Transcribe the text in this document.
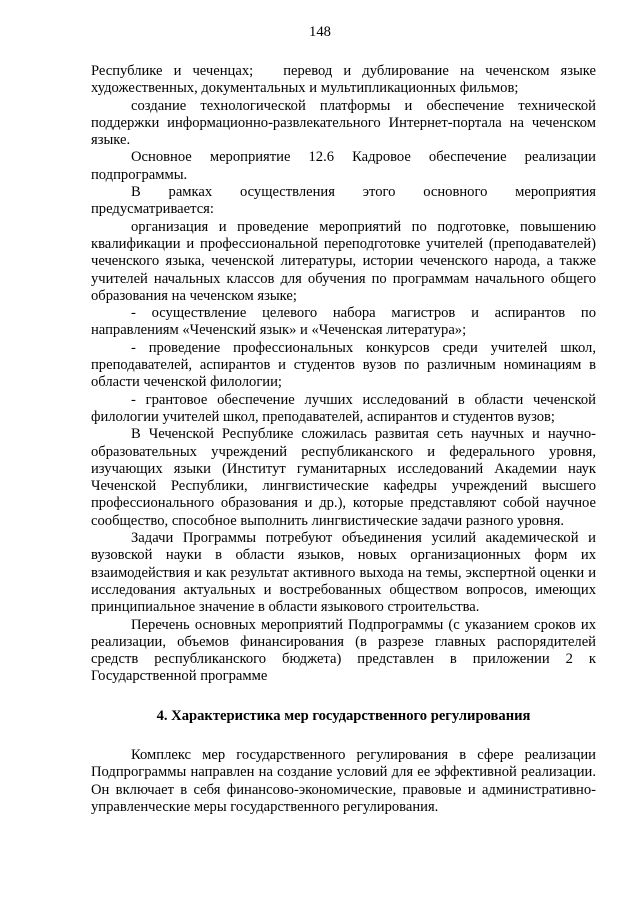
148

Республике и чеченцах; перевод и дублирование на чеченском языке художественных, документальных и мультипликационных фильмов;

создание технологической платформы и обеспечение технической поддержки информационно-развлекательного Интернет-портала на чеченском языке.

Основное мероприятие 12.6 Кадровое обеспечение реализации подпрограммы.

В рамках осуществления этого основного мероприятия предусматривается:

организация и проведение мероприятий по подготовке, повышению квалификации и профессиональной переподготовке учителей (преподавателей) чеченского языка, чеченской литературы, истории чеченского народа, а также учителей начальных классов для обучения по программам начального общего образования на чеченском языке;

- осуществление целевого набора магистров и аспирантов по направлениям «Чеченский язык» и «Чеченская литература»;

- проведение профессиональных конкурсов среди учителей школ, преподавателей, аспирантов и студентов вузов по различным номинациям в области чеченской филологии;

- грантовое обеспечение лучших исследований в области чеченской филологии учителей школ, преподавателей, аспирантов и студентов вузов;

В Чеченской Республике сложилась развитая сеть научных и научно-образовательных учреждений республиканского и федерального уровня, изучающих языки (Институт гуманитарных исследований Академии наук Чеченской Республики, лингвистические кафедры учреждений высшего профессионального образования и др.), которые представляют собой научное сообщество, способное выполнить лингвистические задачи разного уровня.

Задачи Программы потребуют объединения усилий академической и вузовской науки в области языков, новых организационных форм их взаимодействия и как результат активного выхода на темы, экспертной оценки и исследования актуальных и востребованных обществом вопросов, имеющих принципиальное значение в области языкового строительства.

Перечень основных мероприятий Подпрограммы (с указанием сроков их реализации, объемов финансирования (в разрезе главных распорядителей средств республиканского бюджета) представлен в приложении 2 к Государственной программе

4. Характеристика мер государственного регулирования

Комплекс мер государственного регулирования в сфере реализации Подпрограммы направлен на создание условий для ее эффективной реализации. Он включает в себя финансово-экономические, правовые и административно-управленческие меры государственного регулирования.
